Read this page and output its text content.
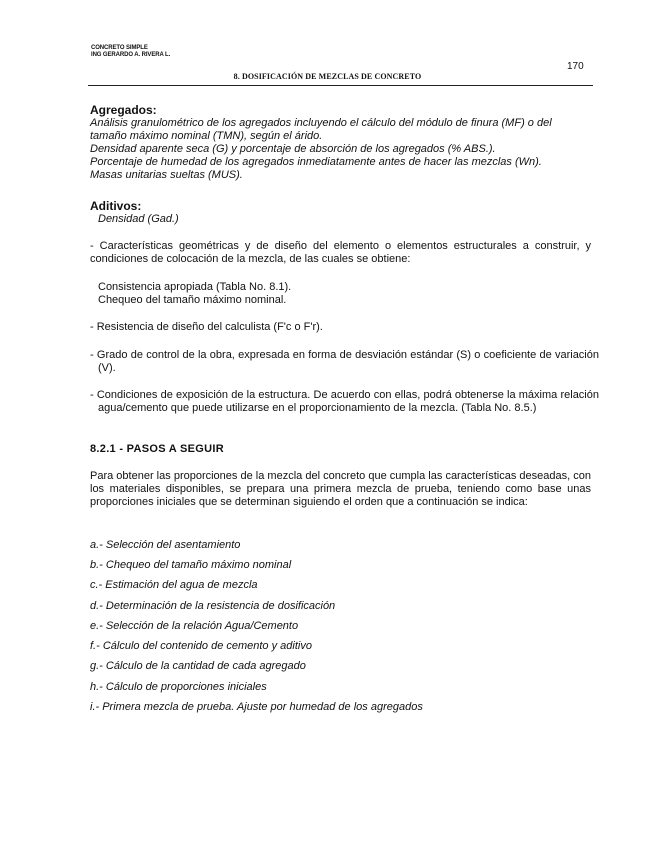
CONCRETO SIMPLE
ING GERARDO A. RIVERA L.
170
8. DOSIFICACIÓN DE MEZCLAS DE CONCRETO
Agregados:
Análisis granulométrico de los agregados incluyendo el cálculo del módulo de finura (MF) o del tamaño máximo nominal (TMN), según el árido.
Densidad aparente seca (G) y porcentaje de absorción de los agregados (% ABS.).
Porcentaje de humedad de los agregados inmediatamente antes de hacer las mezclas (Wn).
Masas unitarias sueltas (MUS).
Aditivos:
Densidad (Gad.)
- Características geométricas y de diseño del elemento o elementos estructurales a construir, y condiciones de colocación de la mezcla, de las cuales se obtiene:
Consistencia apropiada (Tabla No. 8.1).
Chequeo del tamaño máximo nominal.
- Resistencia de diseño del calculista (F'c o F'r).
- Grado de control de la obra, expresada en forma de desviación estándar (S) o coeficiente de variación (V).
- Condiciones de exposición de la estructura. De acuerdo con ellas, podrá obtenerse la máxima relación agua/cemento que puede utilizarse en el proporcionamiento de la mezcla. (Tabla No. 8.5.)
8.2.1 - PASOS A SEGUIR
Para obtener las proporciones de la mezcla del concreto que cumpla las características deseadas, con los materiales disponibles, se prepara una primera mezcla de prueba, teniendo como base unas proporciones iniciales que se determinan siguiendo el orden que a continuación se indica:
a.- Selección del asentamiento
b.- Chequeo del tamaño máximo nominal
c.- Estimación del agua de mezcla
d.- Determinación de la resistencia de dosificación
e.- Selección de la relación Agua/Cemento
f.- Cálculo del contenido de cemento y aditivo
g.- Cálculo de la cantidad de cada agregado
h.- Cálculo de proporciones iniciales
i.- Primera mezcla de prueba. Ajuste por humedad de los agregados
